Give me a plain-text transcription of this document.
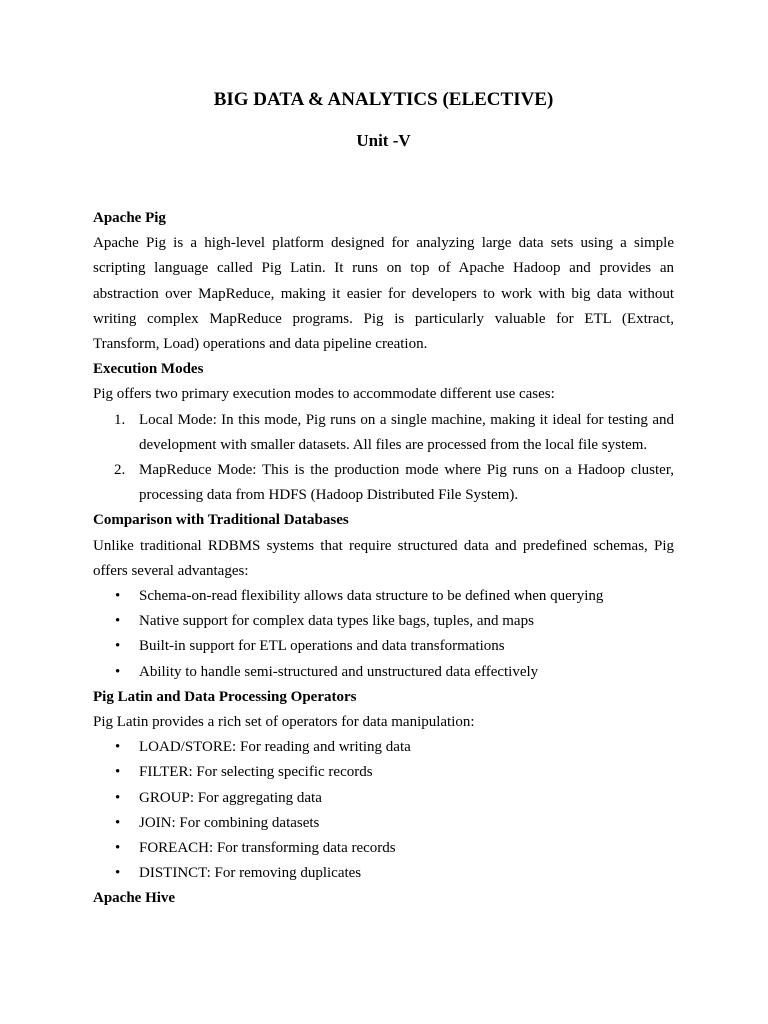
BIG DATA & ANALYTICS (ELECTIVE)
Unit -V

Apache Pig

Apache Pig is a high-level platform designed for analyzing large data sets using a simple scripting language called Pig Latin. It runs on top of Apache Hadoop and provides an abstraction over MapReduce, making it easier for developers to work with big data without writing complex MapReduce programs. Pig is particularly valuable for ETL (Extract, Transform, Load) operations and data pipeline creation.

Execution Modes

Pig offers two primary execution modes to accommodate different use cases:

1. Local Mode: In this mode, Pig runs on a single machine, making it ideal for testing and development with smaller datasets. All files are processed from the local file system.
2. MapReduce Mode: This is the production mode where Pig runs on a Hadoop cluster, processing data from HDFS (Hadoop Distributed File System).

Comparison with Traditional Databases

Unlike traditional RDBMS systems that require structured data and predefined schemas, Pig offers several advantages:

• Schema-on-read flexibility allows data structure to be defined when querying
• Native support for complex data types like bags, tuples, and maps
• Built-in support for ETL operations and data transformations
• Ability to handle semi-structured and unstructured data effectively

Pig Latin and Data Processing Operators

Pig Latin provides a rich set of operators for data manipulation:

• LOAD/STORE: For reading and writing data
• FILTER: For selecting specific records
• GROUP: For aggregating data
• JOIN: For combining datasets
• FOREACH: For transforming data records
• DISTINCT: For removing duplicates

Apache Hive
